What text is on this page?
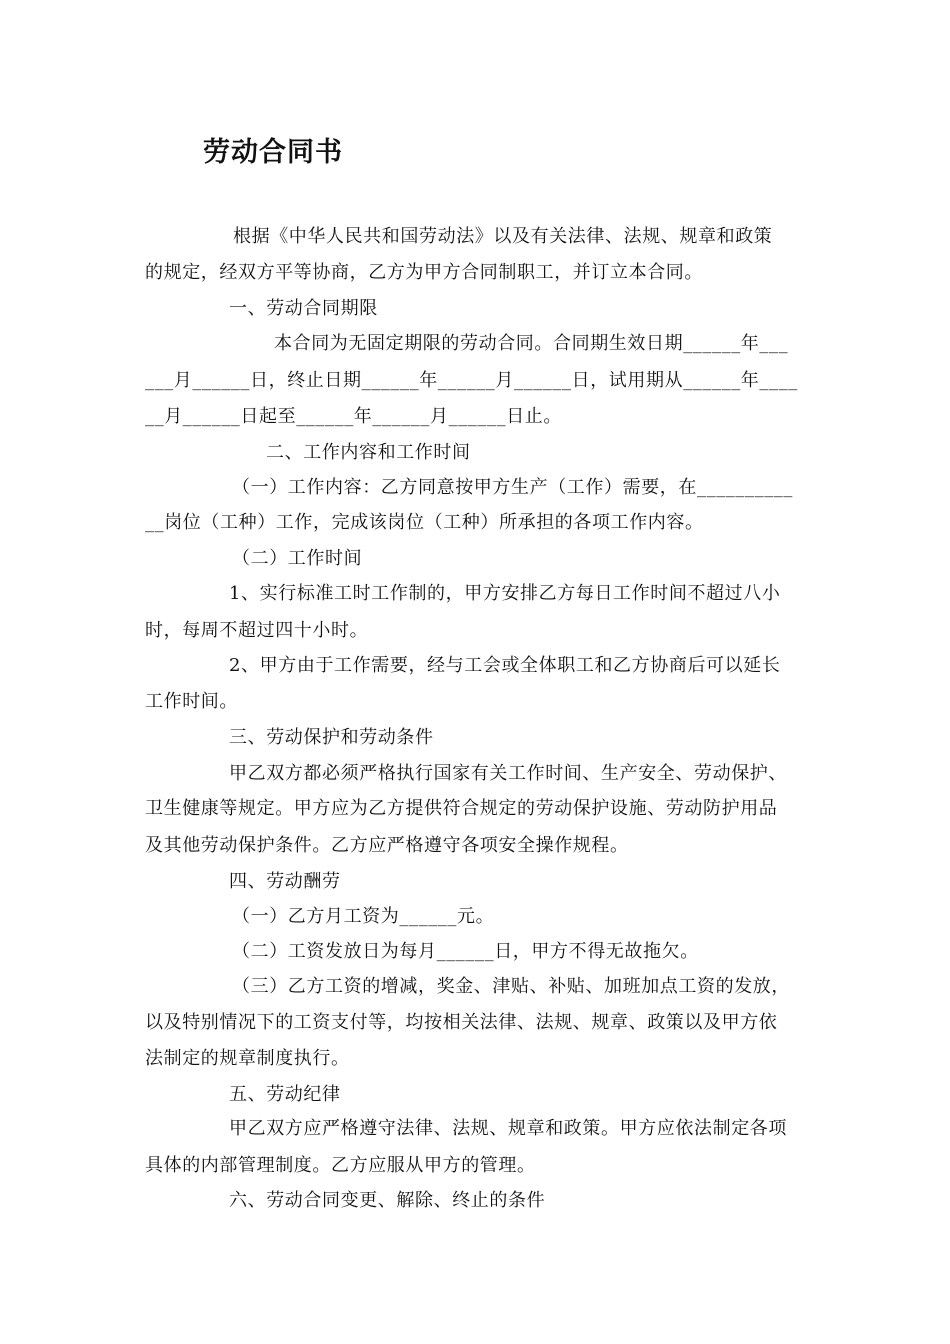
劳动合同书
根据《中华人民共和国劳动法》以及有关法律、法规、规章和政策
的规定，经双方平等协商，乙方为甲方合同制职工，并订立本合同。
一、劳动合同期限
本合同为无固定期限的劳动合同。合同期生效日期______年___
___月______日，终止日期______年______月______日，试用期从______年____
__月______日起至______年______月______日止。
二、工作内容和工作时间
（一）工作内容：乙方同意按甲方生产（工作）需要，在__________
__岗位（工种）工作，完成该岗位（工种）所承担的各项工作内容。
（二）工作时间
1、实行标准工时工作制的，甲方安排乙方每日工作时间不超过八小
时，每周不超过四十小时。
2、甲方由于工作需要，经与工会或全体职工和乙方协商后可以延长
工作时间。
三、劳动保护和劳动条件
甲乙双方都必须严格执行国家有关工作时间、生产安全、劳动保护、
卫生健康等规定。甲方应为乙方提供符合规定的劳动保护设施、劳动防护用品
及其他劳动保护条件。乙方应严格遵守各项安全操作规程。
四、劳动酬劳
（一）乙方月工资为______元。
（二）工资发放日为每月______日，甲方不得无故拖欠。
（三）乙方工资的增减，奖金、津贴、补贴、加班加点工资的发放，
以及特别情况下的工资支付等，均按相关法律、法规、规章、政策以及甲方依
法制定的规章制度执行。
五、劳动纪律
甲乙双方应严格遵守法律、法规、规章和政策。甲方应依法制定各项
具体的内部管理制度。乙方应服从甲方的管理。
六、劳动合同变更、解除、终止的条件
